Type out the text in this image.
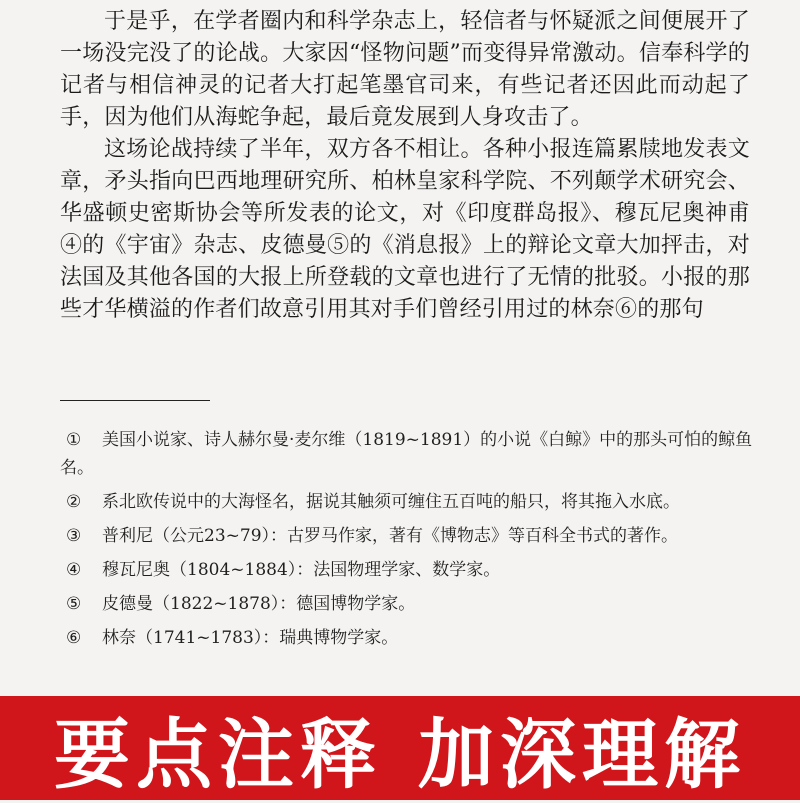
于是乎，在学者圈内和科学杂志上，轻信者与怀疑派之间便展开了一场没完没了的论战。大家因“怪物问题”而变得异常激动。信奉科学的记者与相信神灵的记者大打起笔墨官司来，有些记者还因此而动起了手，因为他们从海蛇争起，最后竟发展到人身攻击了。

这场论战持续了半年，双方各不相让。各种小报连篇累牍地发表文章，矛头指向巴西地理研究所、柏林皇家科学院、不列颠学术研究会、华盛顿史密斯协会等所发表的论文，对《印度群岛报》、穆瓦尼奥神甫④的《宇宙》杂志、皮德曼⑤的《消息报》上的辩论文章大加抨击，对法国及其他各国的大报上所登载的文章也进行了无情的批驳。小报的那些才华横溢的作者们故意引用其对手们曾经引用过的林奈⑥的那句

① 美国小说家、诗人赫尔曼·麦尔维（1819~1891）的小说《白鲸》中的那头可怕的鲸鱼名。
② 系北欧传说中的大海怪名，据说其触须可缠住五百吨的船只，将其拖入水底。
③ 普利尼（公元23~79）：古罗马作家，著有《博物志》等百科全书式的著作。
④ 穆瓦尼奥（1804~1884）：法国物理学家、数学家。
⑤ 皮德曼（1822~1878）：德国博物学家。
⑥ 林奈（1741~1783）：瑞典博物学家。
要点注释 加深理解
